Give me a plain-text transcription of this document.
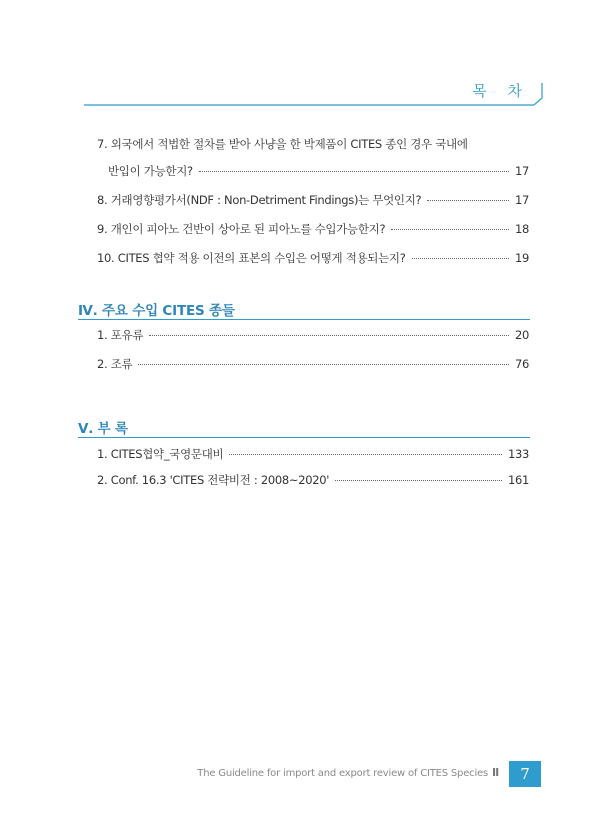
목 차
7. 외국에서 적법한 절차를 받아 사냥을 한 박제품이 CITES 종인 경우 국내에
반입이 가능한지?	17
8. 거래영향평가서(NDF : Non-Detriment Findings)는 무엇인지?	17
9. 개인이 피아노 건반이 상아로 된 피아노를 수입가능한지?	18
10. CITES 협약 적용 이전의 표본의 수입은 어떻게 적용되는지?	19
Ⅳ. 주요 수입 CITES 종들
1. 포유류	20
2. 조류	76
Ⅴ. 부 록
1. CITES협약_국영문대비	133
2. Conf. 16.3 'CITES 전략비전 : 2008~2020'	161
The Guideline for import and export review of CITES Species Ⅱ 7
